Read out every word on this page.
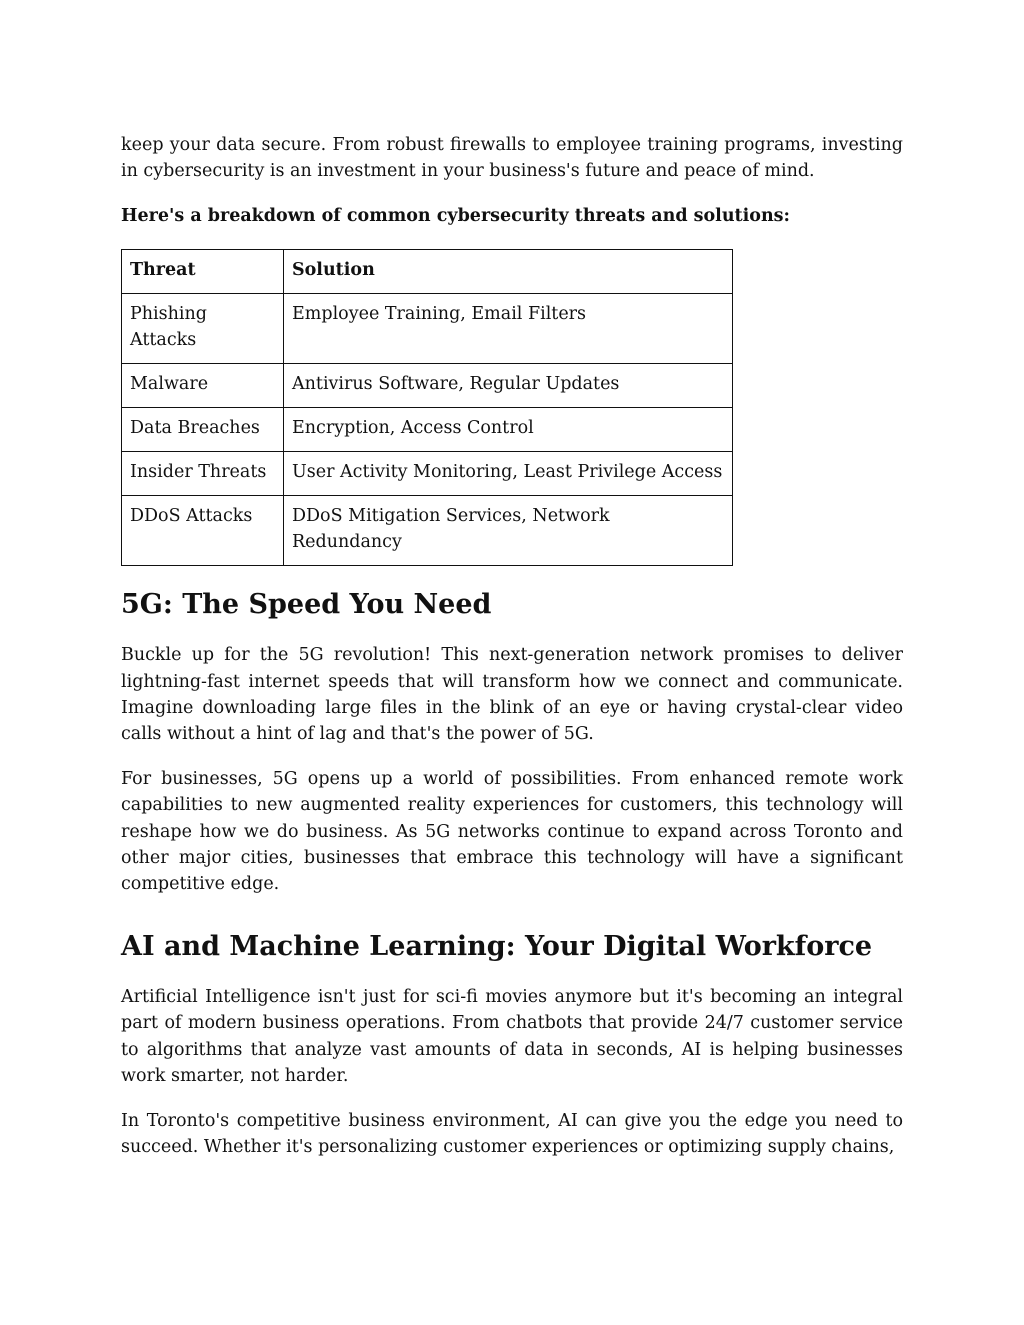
keep your data secure. From robust firewalls to employee training programs, investing in cybersecurity is an investment in your business's future and peace of mind.

Here's a breakdown of common cybersecurity threats and solutions:

Threat	Solution
Phishing Attacks	Employee Training, Email Filters
Malware	Antivirus Software, Regular Updates
Data Breaches	Encryption, Access Control
Insider Threats	User Activity Monitoring, Least Privilege Access
DDoS Attacks	DDoS Mitigation Services, Network Redundancy
5G: The Speed You Need

Buckle up for the 5G revolution! This next-generation network promises to deliver lightning-fast internet speeds that will transform how we connect and communicate. Imagine downloading large files in the blink of an eye or having crystal-clear video calls without a hint of lag and that's the power of 5G.

For businesses, 5G opens up a world of possibilities. From enhanced remote work capabilities to new augmented reality experiences for customers, this technology will reshape how we do business. As 5G networks continue to expand across Toronto and other major cities, businesses that embrace this technology will have a significant competitive edge.

AI and Machine Learning: Your Digital Workforce

Artificial Intelligence isn't just for sci-fi movies anymore but it's becoming an integral part of modern business operations. From chatbots that provide 24/7 customer service to algorithms that analyze vast amounts of data in seconds, AI is helping businesses work smarter, not harder.

In Toronto's competitive business environment, AI can give you the edge you need to succeed. Whether it's personalizing customer experiences or optimizing supply chains,
